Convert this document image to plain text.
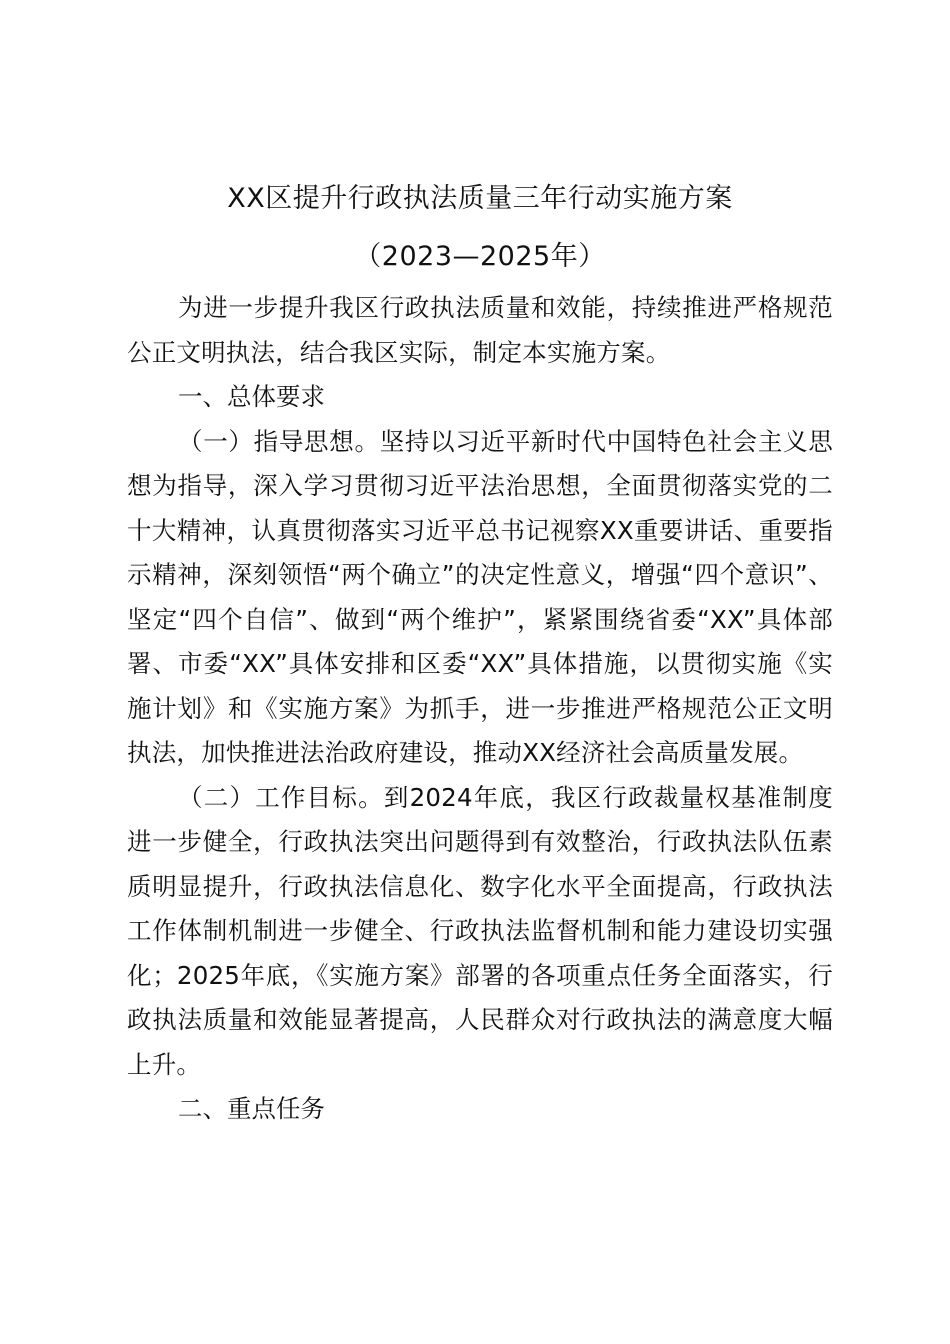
XX区提升行政执法质量三年行动实施方案
（2023—2025年）

为进一步提升我区行政执法质量和效能，持续推进严格规范公正文明执法，结合我区实际，制定本实施方案。

一、总体要求

（一）指导思想。坚持以习近平新时代中国特色社会主义思想为指导，深入学习贯彻习近平法治思想，全面贯彻落实党的二十大精神，认真贯彻落实习近平总书记视察XX重要讲话、重要指示精神，深刻领悟“两个确立”的决定性意义，增强“四个意识”、坚定“四个自信”、做到“两个维护”，紧紧围绕省委“XX”具体部署、市委“XX”具体安排和区委“XX”具体措施，以贯彻实施《实施计划》和《实施方案》为抓手，进一步推进严格规范公正文明执法，加快推进法治政府建设，推动XX经济社会高质量发展。

（二）工作目标。到2024年底，我区行政裁量权基准制度进一步健全，行政执法突出问题得到有效整治，行政执法队伍素质明显提升，行政执法信息化、数字化水平全面提高，行政执法工作体制机制进一步健全、行政执法监督机制和能力建设切实强化；2025年底，《实施方案》部署的各项重点任务全面落实，行政执法质量和效能显著提高，人民群众对行政执法的满意度大幅上升。

二、重点任务
